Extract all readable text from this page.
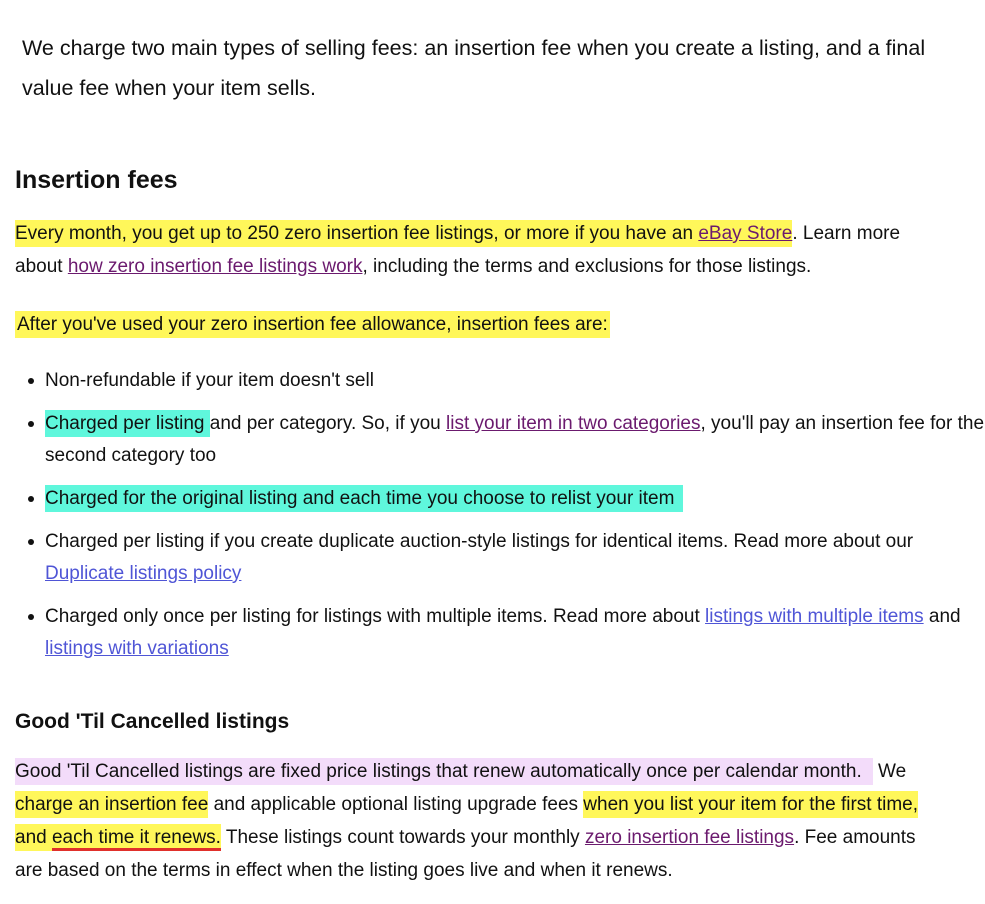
We charge two main types of selling fees: an insertion fee when you create a listing, and a final value fee when your item sells.

Insertion fees

Every month, you get up to 250 zero insertion fee listings, or more if you have an eBay Store. Learn more about how zero insertion fee listings work, including the terms and exclusions for those listings.

After you've used your zero insertion fee allowance, insertion fees are:

Non-refundable if your item doesn't sell
Charged per listing and per category. So, if you list your item in two categories, you'll pay an insertion fee for the second category too
Charged for the original listing and each time you choose to relist your item
Charged per listing if you create duplicate auction-style listings for identical items. Read more about our Duplicate listings policy
Charged only once per listing for listings with multiple items. Read more about listings with multiple items and listings with variations
Good 'Til Cancelled listings

Good 'Til Cancelled listings are fixed price listings that renew automatically once per calendar month. We charge an insertion fee and applicable optional listing upgrade fees when you list your item for the first time, and each time it renews. These listings count towards your monthly zero insertion fee listings. Fee amounts are based on the terms in effect when the listing goes live and when it renews.
